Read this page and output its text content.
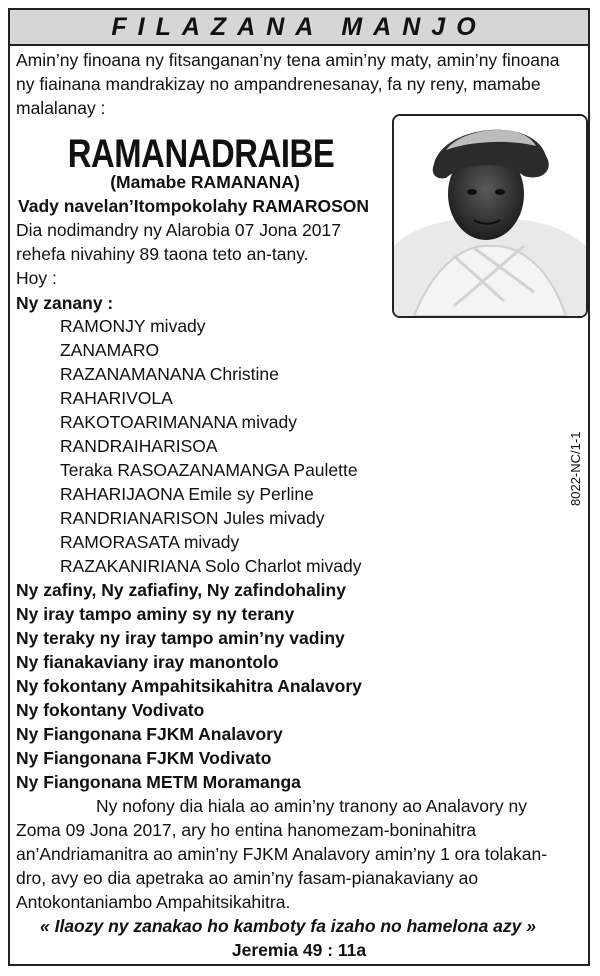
FILAZANA MANJO
Amin’ny finoana ny fitsanganan’ny tena amin’ny maty, amin’ny finoana
ny fiainana mandrakizay no ampandrenesanay, fa ny reny, mamabe
malalanay :
RAMANADRAIBE
(Mamabe RAMANANA)
Vady navelan’Itompokolahy RAMAROSON
Dia nodimandry ny Alarobia 07 Jona 2017
rehefa nivahiny 89 taona teto an-tany.
Hoy :
Ny zanany :
RAMONJY mivady
ZANAMARO
RAZANAMANANA Christine
RAHARIVOLA
RAKOTOARIMANANA mivady
RANDRAIHARISOA
Teraka RASOAZANAMANGA Paulette
RAHARIJAONA Emile sy Perline
RANDRIANARISON Jules mivady
RAMORASATA mivady
RAZAKANIRIANA Solo Charlot mivady
Ny zafiny, Ny zafiafiny, Ny zafindohaliny
Ny iray tampo aminy sy ny terany
Ny teraky ny iray tampo amin’ny vadiny
Ny fianakaviany iray manontolo
Ny fokontany Ampahitsikahitra Analavory
Ny fokontany Vodivato
Ny Fiangonana FJKM Analavory
Ny Fiangonana FJKM Vodivato
Ny Fiangonana METM Moramanga
Ny nofony dia hiala ao amin’ny tranony ao Analavory ny
Zoma 09 Jona 2017, ary ho entina hanomezam-boninahitra
an’Andriamanitra ao amin’ny FJKM Analavory amin’ny 1 ora tolakan-
dro, avy eo dia apetraka ao amin’ny fasam-pianakaviany ao
Antokontaniambo Ampahitsikahitra.
« Ilaozy ny zanakao ho kamboty fa izaho no hamelona azy »
Jeremia 49 : 11a
8022-NC/1-1
